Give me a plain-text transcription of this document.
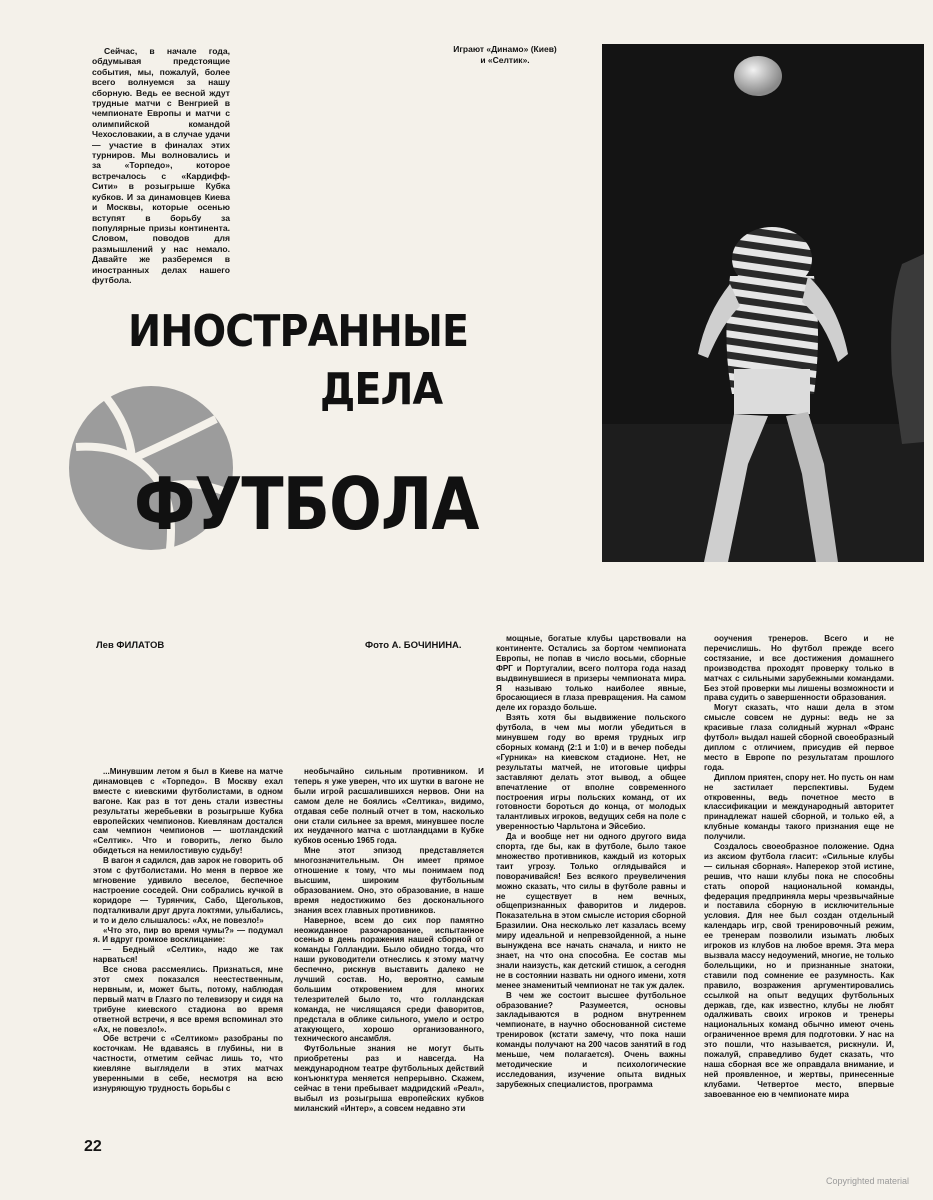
Сейчас, в начале года, обдумывая предстоящие события, мы, пожалуй, более всего волнуемся за нашу сборную. Ведь ее весной ждут трудные матчи с Венгрией в чемпионате Европы и матчи с олимпийской командой Чехословакии, а в случае удачи — участие в финалах этих турниров. Мы волновались и за «Торпедо», которое встречалось с «Кардифф-Сити» в розыгрыше Кубка кубков. И за динамовцев Киева и Москвы, которые осенью вступят в борьбу за популярные призы континента. Словом, поводов для размышлений у нас немало. Давайте же разберемся в иностранных делах нашего футбола.
Играют «Динамо» (Киев)
и «Селтик».
ИНОСТРАННЫЕ
ДЕЛА
ФУТБОЛА
Лев ФИЛАТОВ	Фото А. БОЧИНИНА.

...Минувшим летом я был в Киеве на матче динамовцев с «Торпедо». В Москву ехал вместе с киевскими футболистами, в одном вагоне. Как раз в тот день стали известны результаты жеребьевки в розыгрыше Кубка европейских чемпионов. Киевлянам достался сам чемпион чемпионов — шотландский «Селтик». Что и говорить, легко было обидеться на немилостивую судьбу!

В вагон я садился, дав зарок не говорить об этом с футболистами. Но меня в первое же мгновение удивило веселое, беспечное настроение соседей. Они собрались кучкой в коридоре — Турянчик, Сабо, Щегольков, подталкивали друг друга локтями, улыбались, и то и дело слышалось: «Ах, не повезло!»

«Что это, пир во время чумы?» — подумал я. И вдруг громкое восклицание:

— Бедный «Селтик», надо же так нарваться!

Все снова рассмеялись. Признаться, мне этот смех показался неестественным, нервным, и, может быть, потому, наблюдая первый матч в Глазго по телевизору и сидя на трибуне киевского стадиона во время ответной встречи, я все время вспоминал это «Ах, не повезло!».

Обе встречи с «Селтиком» разобраны по косточкам. Не вдаваясь в глубины, ни в частности, отметим сейчас лишь то, что киевляне выглядели в этих матчах уверенными в себе, несмотря на всю изнуряющую трудность борьбы с

необычайно сильным противником. И теперь я уже уверен, что их шутки в вагоне не были игрой расшалившихся нервов. Они на самом деле не боялись «Селтика», видимо, отдавая себе полный отчет в том, насколько они стали сильнее за время, минувшее после их неудачного матча с шотландцами в Кубке кубков осенью 1965 года.

Мне этот эпизод представляется многозначительным. Он имеет прямое отношение к тому, что мы понимаем под высшим, широким футбольным образованием. Оно, это образование, в наше время недостижимо без досконального знания всех главных противников.

Наверное, всем до сих пор памятно неожиданное разочарование, испытанное осенью в день поражения нашей сборной от команды Голландии. Было обидно тогда, что наши руководители отнеслись к этому матчу беспечно, рискнув выставить далеко не лучший состав. Но, вероятно, самым большим откровением для многих телезрителей было то, что голландская команда, не числящаяся среди фаворитов, предстала в облике сильного, умело и остро атакующего, хорошо организованного, технического ансамбля.

Футбольные знания не могут быть приобретены раз и навсегда. На международном театре футбольных действий конъюнктура меняется непрерывно. Скажем, сейчас в тени пребывает мадридский «Реал», выбыл из розыгрыша европейских кубков миланский «Интер», а совсем недавно эти

мощные, богатые клубы царствовали на континенте. Остались за бортом чемпионата Европы, не попав в число восьми, сборные ФРГ и Португалии, всего полтора года назад выдвинувшиеся в призеры чемпионата мира. Я называю только наиболее явные, бросающиеся в глаза превращения. На самом деле их гораздо больше.

Взять хотя бы выдвижение польского футбола, в чем мы могли убедиться в минувшем году во время трудных игр сборных команд (2:1 и 1:0) и в вечер победы «Гурника» на киевском стадионе. Нет, не результаты матчей, не итоговые цифры заставляют делать этот вывод, а общее впечатление от вполне современного построения игры польских команд, от их готовности бороться до конца, от молодых талантливых игроков, ведущих себя на поле с уверенностью Чарльтона и Эйсебио.

Да и вообще нет ни одного другого вида спорта, где бы, как в футболе, было такое множество противников, каждый из которых таит угрозу. Только оглядывайся и поворачивайся! Без всякого преувеличения можно сказать, что силы в футболе равны и не существует в нем вечных, общепризнанных фаворитов и лидеров. Показательна в этом смысле история сборной Бразилии. Она несколько лет казалась всему миру идеальной и непревзойденной, а ныне вынуждена все начать сначала, и никто не знает, на что она способна. Ее состав мы знали наизусть, как детский стишок, а сегодня не в состоянии назвать ни одного имени, хотя менее знаменитый чемпионат не так уж далек.

В чем же состоит высшее футбольное образование? Разумеется, основы закладываются в родном внутреннем чемпионате, в научно обоснованной системе тренировок (кстати замечу, что пока наши команды получают на 200 часов занятий в год меньше, чем полагается). Очень важны методические и психологические исследования, изучение опыта видных зарубежных специалистов, программа

ооучения тренеров. Всего и не перечислишь. Но футбол прежде всего состязание, и все достижения домашнего производства проходят проверку только в матчах с сильными зарубежными командами. Без этой проверки мы лишены возможности и права судить о завершенности образования.

Могут сказать, что наши дела в этом смысле совсем не дурны: ведь не за красивые глаза солидный журнал «Франс футбол» выдал нашей сборной своеобразный диплом с отличием, присудив ей первое место в Европе по результатам прошлого года.

Диплом приятен, спору нет. Но пусть он нам не застилает перспективы. Будем откровенны, ведь почетное место в классификации и международный авторитет принадлежат нашей сборной, и только ей, а клубные команды такого признания еще не получили.

Создалось своеобразное положение. Одна из аксиом футбола гласит: «Сильные клубы — сильная сборная». Наперекор этой истине, решив, что наши клубы пока не способны стать опорой национальной команды, федерация предприняла меры чрезвычайные и поставила сборную в исключительные условия. Для нее был создан отдельный календарь игр, свой тренировочный режим, ее тренерам позволили изымать любых игроков из клубов на любое время. Эта мера вызвала массу недоумений, многие, не только болельщики, но и признанные знатоки, ставили под сомнение ее разумность. Как правило, возражения аргументировались ссылкой на опыт ведущих футбольных держав, где, как известно, клубы не любят одалживать своих игроков и тренеры национальных команд обычно имеют очень ограниченное время для подготовки. У нас на это пошли, что называется, рискнули. И, пожалуй, справедливо будет сказать, что наша сборная все же оправдала вниманиe, и ней проявленное, и жертвы, принесенные клубами. Четвертое место, впервые завоеванное ею в чемпионате мира

22
Copyrighted material
